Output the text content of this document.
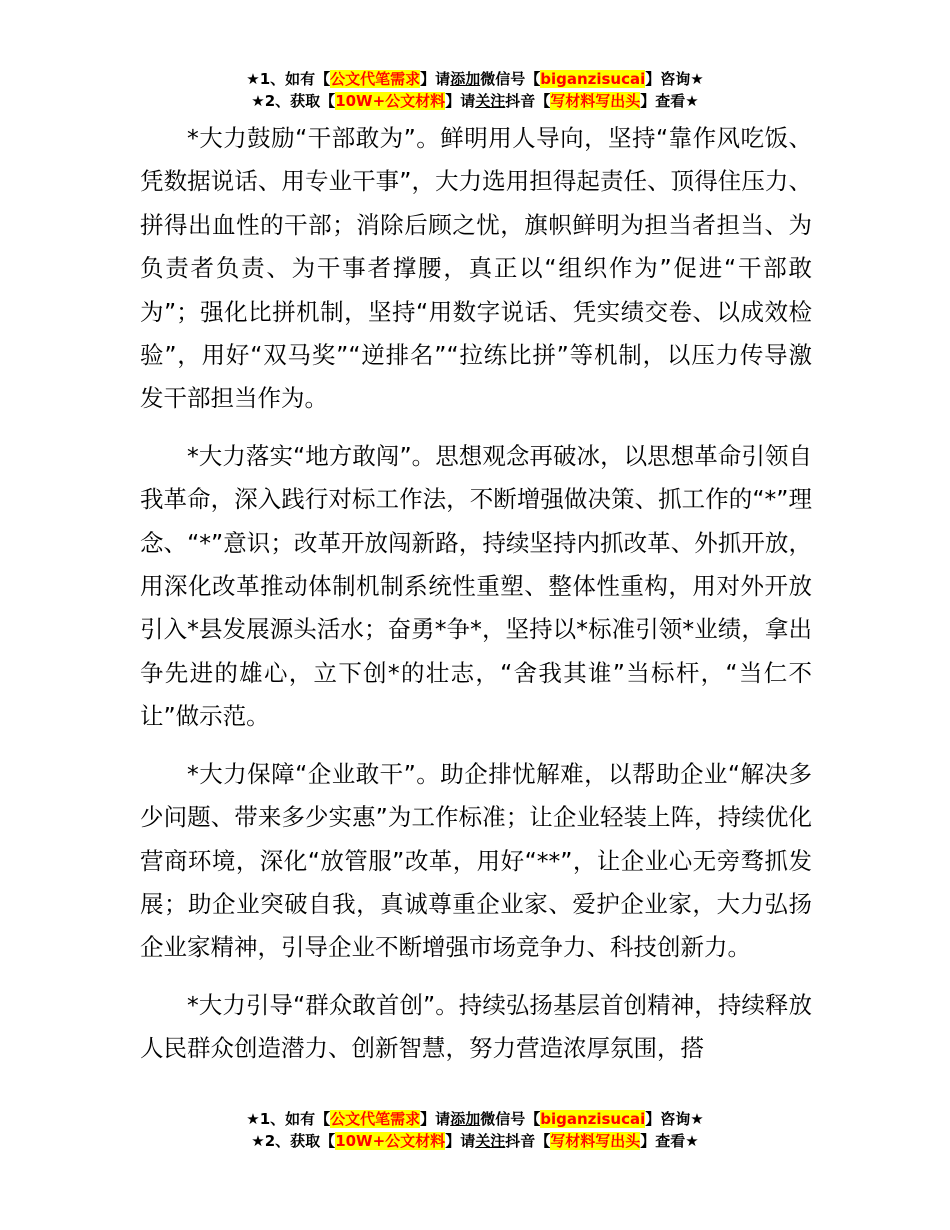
★1、如有【公文代笔需求】请添加微信号【biganzisucai】咨询★
★2、获取【10W+公文材料】请关注抖音【写材料写出头】查看★

*大力鼓励“干部敢为”。鲜明用人导向，坚持“靠作风吃饭、凭数据说话、用专业干事”，大力选用担得起责任、顶得住压力、拼得出血性的干部；消除后顾之忧，旗帜鲜明为担当者担当、为负责者负责、为干事者撑腰，真正以“组织作为”促进“干部敢为”；强化比拼机制，坚持“用数字说话、凭实绩交卷、以成效检验”，用好“双马奖”“逆排名”“拉练比拼”等机制，以压力传导激发干部担当作为。

*大力落实“地方敢闯”。思想观念再破冰，以思想革命引领自我革命，深入践行对标工作法，不断增强做决策、抓工作的“*”理念、“*”意识；改革开放闯新路，持续坚持内抓改革、外抓开放，用深化改革推动体制机制系统性重塑、整体性重构，用对外开放引入*县发展源头活水；奋勇*争*，坚持以*标准引领*业绩，拿出争先进的雄心，立下创*的壮志，“舍我其谁”当标杆，“当仁不让”做示范。

*大力保障“企业敢干”。助企排忧解难，以帮助企业“解决多少问题、带来多少实惠”为工作标准；让企业轻装上阵，持续优化营商环境，深化“放管服”改革，用好“**”，让企业心无旁骛抓发展；助企业突破自我，真诚尊重企业家、爱护企业家，大力弘扬企业家精神，引导企业不断增强市场竞争力、科技创新力。

*大力引导“群众敢首创”。持续弘扬基层首创精神，持续释放人民群众创造潜力、创新智慧，努力营造浓厚氛围，搭

★1、如有【公文代笔需求】请添加微信号【biganzisucai】咨询★
★2、获取【10W+公文材料】请关注抖音【写材料写出头】查看★
